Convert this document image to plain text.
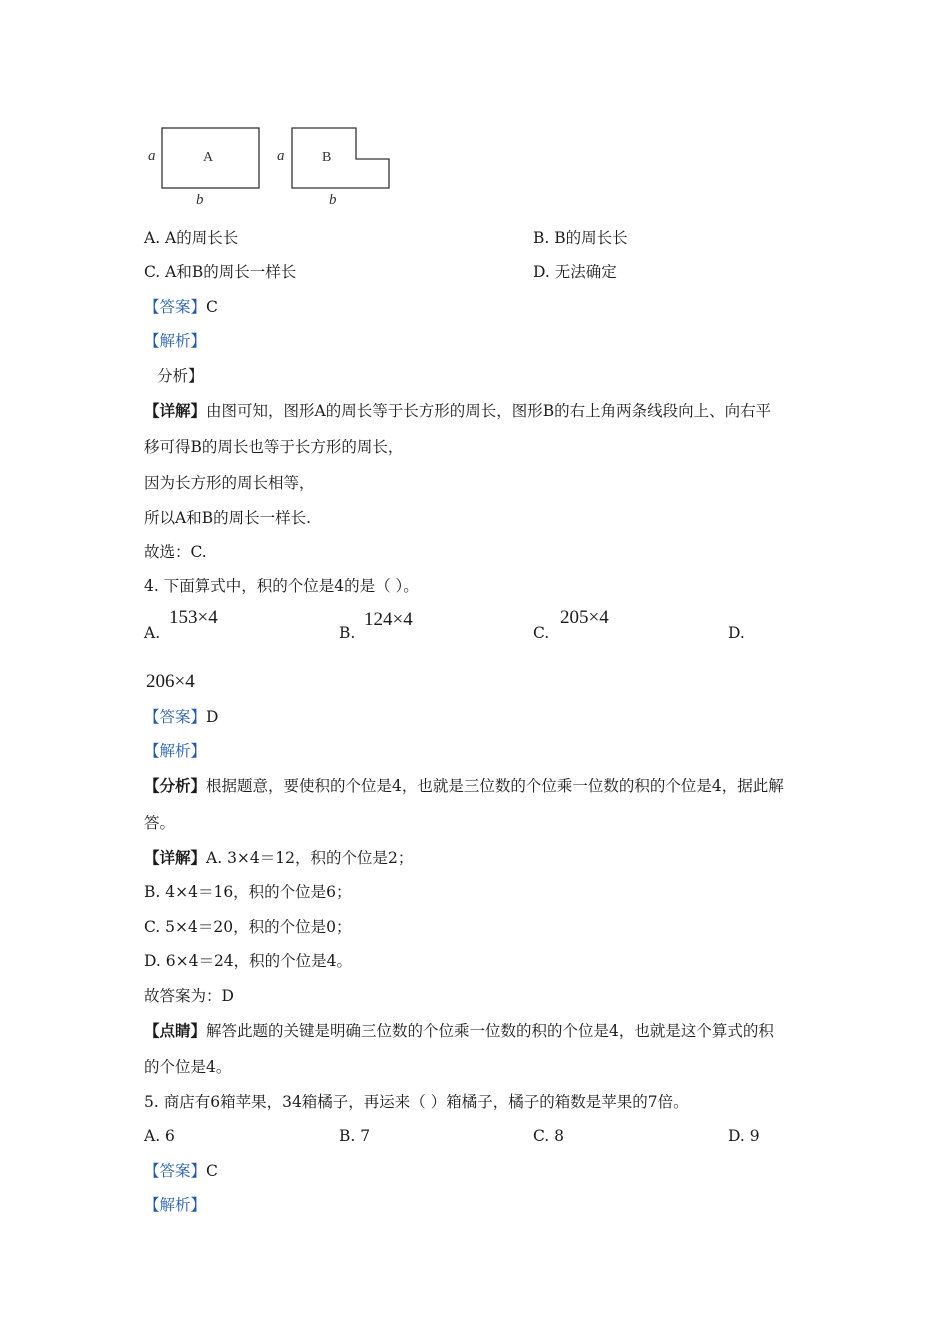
a	A
b
a	B
b
A. A的周长长	B. B的周长长
C. A和B的周长一样长	D. 无法确定
【答案】C
【解析】
分析】
【详解】由图可知，图形A的周长等于长方形的周长，图形B的右上角两条线段向上、向右平
移可得B的周长也等于长方形的周长，
因为长方形的周长相等，
所以A和B的周长一样长.
故选：C.
4. 下面算式中，积的个位是4的是（ ）。
A.
153×4
B.
124×4
C.
205×4
D.
206×4
【答案】D
【解析】
【分析】根据题意，要使积的个位是4，也就是三位数的个位乘一位数的积的个位是4，据此解
答。
【详解】A. 3×4＝12，积的个位是2；
B. 4×4＝16，积的个位是6；
C. 5×4＝20，积的个位是0；
D. 6×4＝24，积的个位是4。
故答案为：D
【点睛】解答此题的关键是明确三位数的个位乘一位数的积的个位是4，也就是这个算式的积
的个位是4。
5. 商店有6箱苹果，34箱橘子，再运来（ ）箱橘子，橘子的箱数是苹果的7倍。
A. 6	B. 7	C. 8	D. 9
【答案】C
【解析】
